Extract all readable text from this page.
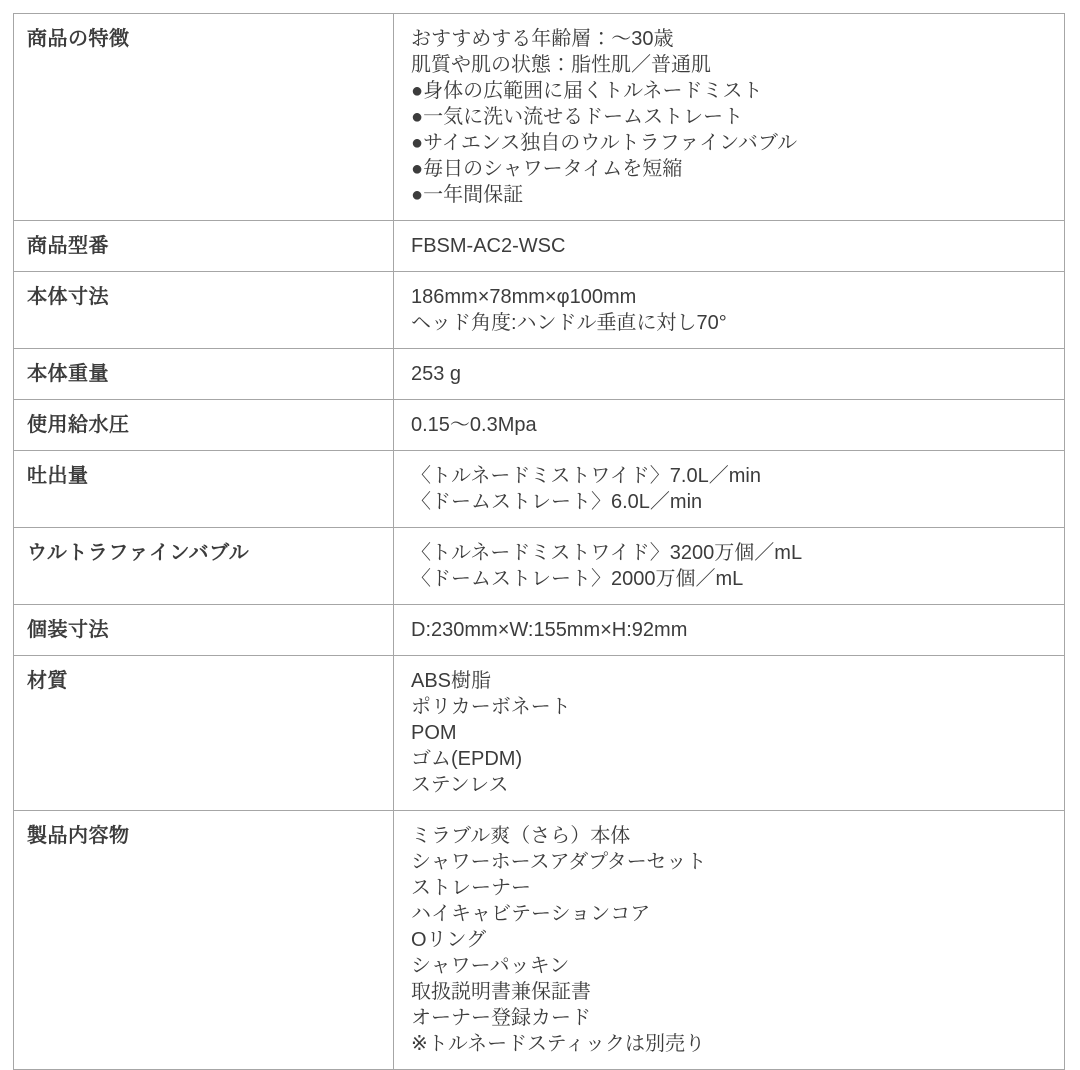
商品の特徴	おすすめする年齢層：～30歳
肌質や肌の状態：脂性肌／普通肌
●身体の広範囲に届くトルネードミスト
●一気に洗い流せるドームストレート
●サイエンス独自のウルトラファインバブル
●毎日のシャワータイムを短縮
●一年間保証
商品型番	FBSM-AC2-WSC
本体寸法	186mm×78mm×φ100mm
ヘッド角度:ハンドル垂直に対し70°
本体重量	253 g
使用給水圧	0.15～0.3Mpa
吐出量	〈トルネードミストワイド〉7.0L／min
〈ドームストレート〉6.0L／min
ウルトラファインバブル	〈トルネードミストワイド〉3200万個／mL
〈ドームストレート〉2000万個／mL
個装寸法	D:230mm×W:155mm×H:92mm
材質	ABS樹脂
ポリカーボネート
POM
ゴム(EPDM)
ステンレス
製品内容物	ミラブル爽（さら）本体
シャワーホースアダプターセット
ストレーナー
ハイキャビテーションコア
Oリング
シャワーパッキン
取扱説明書兼保証書
オーナー登録カード
※トルネードスティックは別売り
